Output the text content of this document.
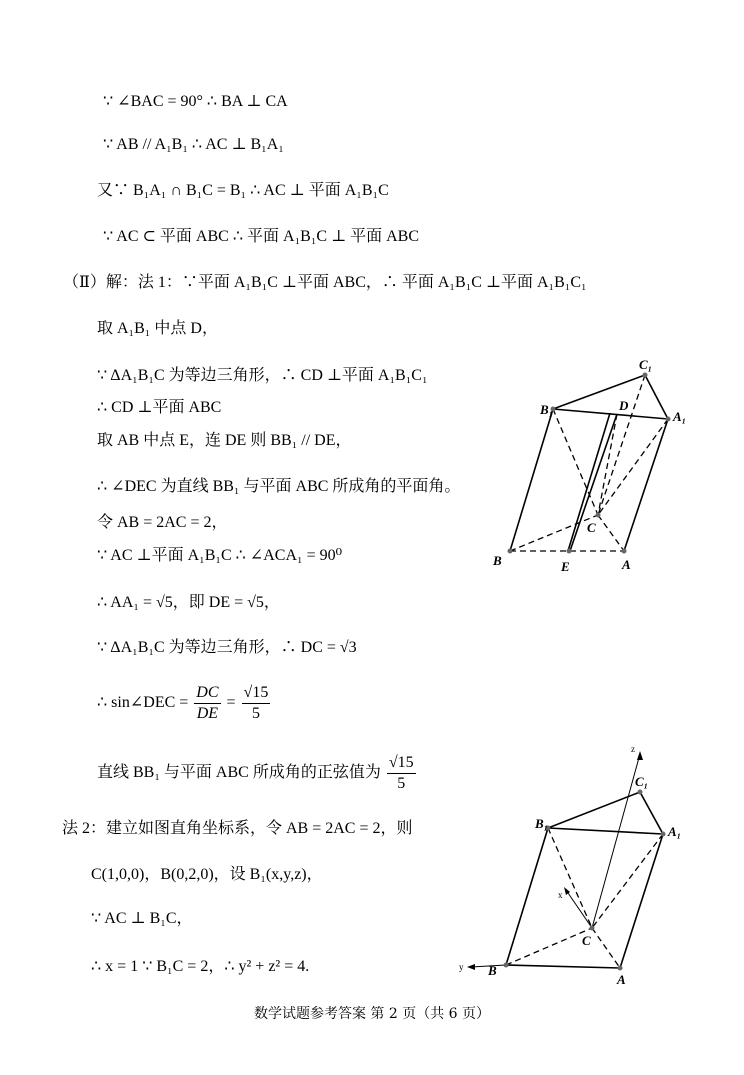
∵ ∠BAC = 90° ∴ BA ⊥ CA
∵ AB // A₁B₁ ∴ AC ⊥ B₁A₁
又∵ B₁A₁ ∩ B₁C = B₁ ∴ AC ⊥ 平面 A₁B₁C
∵ AC ⊂ 平面 ABC ∴ 平面 A₁B₁C ⊥ 平面 ABC
（Ⅱ）解：法 1：∵平面 A₁B₁C ⊥平面 ABC，∴ 平面 A₁B₁C ⊥平面 A₁B₁C₁
取 A₁B₁ 中点 D，
∵ ΔA₁B₁C 为等边三角形，∴ CD ⊥平面 A₁B₁C₁
∴ CD ⊥平面 ABC
取 AB 中点 E，连 DE 则 BB₁ // DE，
∴ ∠DEC 为直线 BB₁ 与平面 ABC 所成角的平面角。
令 AB = 2AC = 2，
∵ AC ⊥平面 A₁B₁C ∴ ∠ACA₁ = 90⁰
∴ AA₁ = √5，即 DE = √5，
∵ ΔA₁B₁C 为等边三角形，∴ DC = √3
∴ sin∠DEC = $\frac{DC}{DE} = \frac{√15}{5}$
直线 BB₁ 与平面 ABC 所成角的正弦值为 $\frac{√15}{5}$
法 2：建立如图直角坐标系，令 AB = 2AC = 2，则
C(1,0,0)，B(0,2,0)，设 B₁(x,y,z)，
∵ AC ⊥ B₁C，
∴ x = 1 ∵ B₁C = 2，∴ y² + z² = 4.
C₁
B₁	D
A₁
C
B	E	A
z
C₁
B₁
A₁
x
C
y B
A
数学试题参考答案 第 2 页（共 6 页）
